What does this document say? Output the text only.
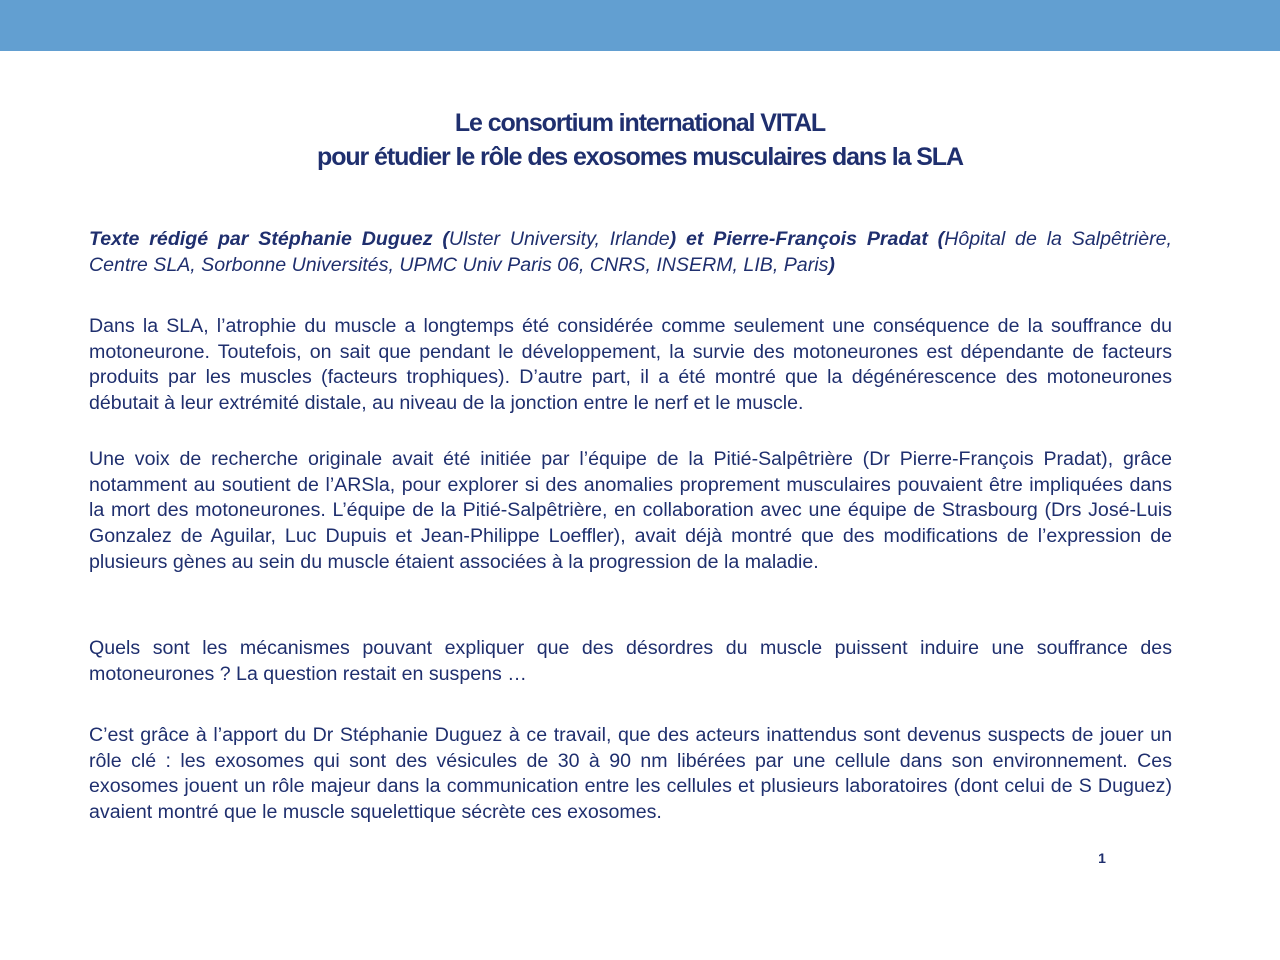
Le consortium international VITAL
pour étudier le rôle des exosomes musculaires dans la SLA

Texte rédigé par Stéphanie Duguez (Ulster University, Irlande) et Pierre-François Pradat (Hôpital de la Salpêtrière, Centre SLA, Sorbonne Universités, UPMC Univ Paris 06, CNRS, INSERM, LIB, Paris)

Dans la SLA, l’atrophie du muscle a longtemps été considérée comme seulement une conséquence de la souffrance du motoneurone. Toutefois, on sait que pendant le développement, la survie des motoneurones est dépendante de facteurs produits par les muscles (facteurs trophiques). D’autre part, il a été montré que la dégénérescence des motoneurones débutait à leur extrémité distale, au niveau de la jonction entre le nerf et le muscle.

Une voix de recherche originale avait été initiée par l’équipe de la Pitié-Salpêtrière (Dr Pierre-François Pradat), grâce notamment au soutient de l’ARSla, pour explorer si des anomalies proprement musculaires pouvaient être impliquées dans la mort des motoneurones. L’équipe de la Pitié-Salpêtrière, en collaboration avec une équipe de Strasbourg (Drs José-Luis Gonzalez de Aguilar, Luc Dupuis et Jean-Philippe Loeffler), avait déjà montré que des modifications de l’expression de plusieurs gènes au sein du muscle étaient associées à la progression de la maladie.

Quels sont les mécanismes pouvant expliquer que des désordres du muscle puissent induire une souffrance des motoneurones ? La question restait en suspens …

C’est grâce à l’apport du Dr Stéphanie Duguez à ce travail, que des acteurs inattendus sont devenus suspects de jouer un rôle clé : les exosomes qui sont des vésicules de 30 à 90 nm libérées par une cellule dans son environnement. Ces exosomes jouent un rôle majeur dans la communication entre les cellules et plusieurs laboratoires (dont celui de S Duguez) avaient montré que le muscle squelettique sécrète ces exosomes.

1
